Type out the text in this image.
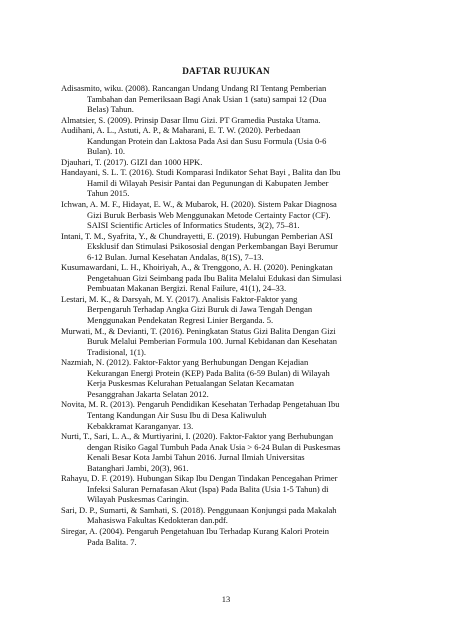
DAFTAR RUJUKAN
Adisasmito, wiku. (2008). Rancangan Undang Undang RI Tentang Pemberian
Tambahan dan Pemeriksaan Bagi Anak Usian 1 (satu) sampai 12 (Dua
Belas) Tahun.
Almatsier, S. (2009). Prinsip Dasar Ilmu Gizi. PT Gramedia Pustaka Utama.
Audihani, A. L., Astuti, A. P., & Maharani, E. T. W. (2020). Perbedaan
Kandungan Protein dan Laktosa Pada Asi dan Susu Formula (Usia 0-6
Bulan). 10.
Djauhari, T. (2017). GIZI dan 1000 HPK.
Handayani, S. L. T. (2016). Studi Komparasi Indikator Sehat Bayi , Balita dan Ibu
Hamil di Wilayah Pesisir Pantai dan Pegunungan di Kabupaten Jember
Tahun 2015.
Ichwan, A. M. F., Hidayat, E. W., & Mubarok, H. (2020). Sistem Pakar Diagnosa
Gizi Buruk Berbasis Web Menggunakan Metode Certainty Factor (CF).
SAISI Scientific Articles of Informatics Students, 3(2), 75–81.
Intani, T. M., Syafrita, Y., & Chundrayetti, E. (2019). Hubungan Pemberian ASI
Eksklusif dan Stimulasi Psikososial dengan Perkembangan Bayi Berumur
6-12 Bulan. Jurnal Kesehatan Andalas, 8(1S), 7–13.
Kusumawardani, L. H., Khoiriyah, A., & Trenggono, A. H. (2020). Peningkatan
Pengetahuan Gizi Seimbang pada Ibu Balita Melalui Edukasi dan Simulasi
Pembuatan Makanan Bergizi. Renal Failure, 41(1), 24–33.
Lestari, M. K., & Darsyah, M. Y. (2017). Analisis Faktor-Faktor yang
Berpengaruh Terhadap Angka Gizi Buruk di Jawa Tengah Dengan
Menggunakan Pendekatan Regresi Linier Berganda. 5.
Murwati, M., & Devianti, T. (2016). Peningkatan Status Gizi Balita Dengan Gizi
Buruk Melalui Pemberian Formula 100. Jurnal Kebidanan dan Kesehatan
Tradisional, 1(1).
Nazmiah, N. (2012). Faktor-Faktor yang Berhubungan Dengan Kejadian
Kekurangan Energi Protein (KEP) Pada Balita (6-59 Bulan) di Wilayah
Kerja Puskesmas Kelurahan Petualangan Selatan Kecamatan
Pesanggrahan Jakarta Selatan 2012.
Novita, M. R. (2013). Pengaruh Pendidikan Kesehatan Terhadap Pengetahuan Ibu
Tentang Kandungan Air Susu Ibu di Desa Kaliwuluh
Kebakkramat Karanganyar. 13.
Nurti, T., Sari, L. A., & Murtiyarini, I. (2020). Faktor-Faktor yang Berhubungan
dengan Risiko Gagal Tumbuh Pada Anak Usia > 6-24 Bulan di Puskesmas
Kenali Besar Kota Jambi Tahun 2016. Jurnal Ilmiah Universitas
Batanghari Jambi, 20(3), 961.
Rahayu, D. F. (2019). Hubungan Sikap Ibu Dengan Tindakan Pencegahan Primer
Infeksi Saluran Pernafasan Akut (Ispa) Pada Balita (Usia 1-5 Tahun) di
Wilayah Puskesmas Caringin.
Sari, D. P., Sumarti, & Samhati, S. (2018). Penggunaan Konjungsi pada Makalah
Mahasiswa Fakultas Kedokteran dan.pdf.
Siregar, A. (2004). Pengaruh Pengetahuan Ibu Terhadap Kurang Kalori Protein
Pada Balita. 7.
13
